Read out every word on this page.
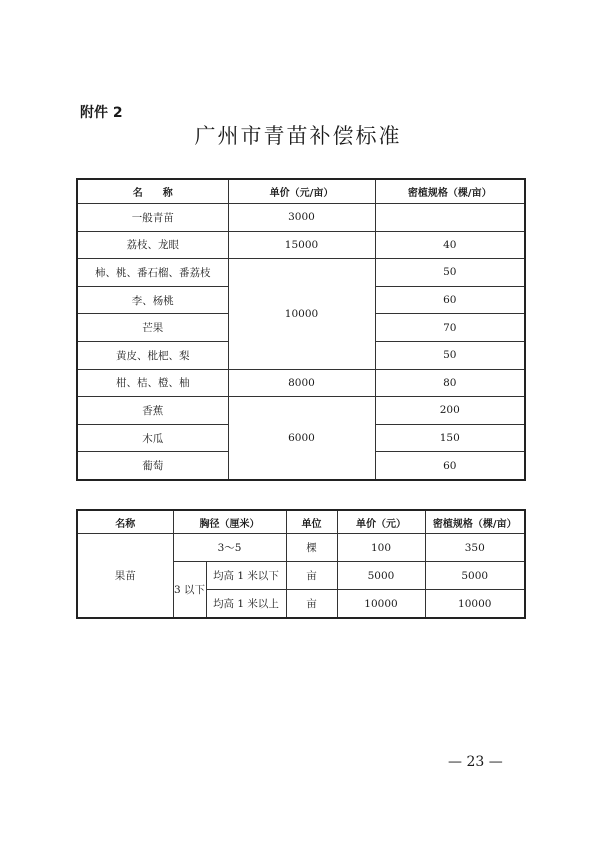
附件 2
广州市青苗补偿标准
名　　称	单价（元/亩）	密植规格（棵/亩）
一般青苗	3000	
荔枝、龙眼	15000	40
柿、桃、番石榴、番荔枝	10000	50
李、杨桃		60
芒果		70
黄皮、枇杷、梨		50
柑、桔、橙、柚	8000	80
香蕉	6000	200
木瓜		150
葡萄		60
名称	胸径（厘米）		单位	单价（元）	密植规格（棵/亩）
果苗	3～5		棵	100	350
	3 以下	均高 1 米以下	亩	5000	5000
		均高 1 米以上	亩	10000	10000
— 23 —
